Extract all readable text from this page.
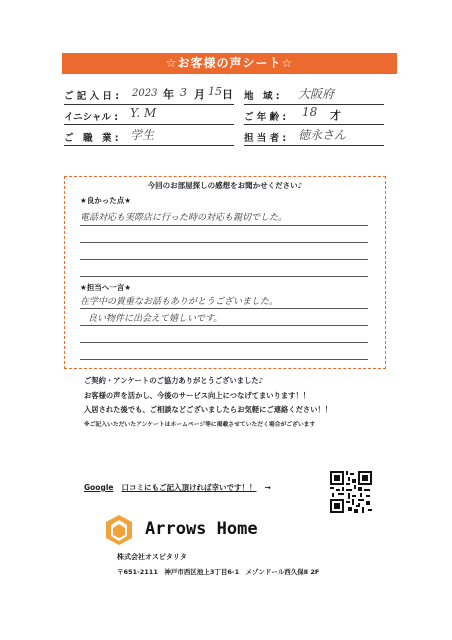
☆お客様の声シート☆
ご 記 入 日 : 2023 年 3 月 15 日 地　域 : 大阪府
イニシャル : Y. M	ご 年 齢 : 18 才
ご　職　業 : 学生	担 当 者 : 徳永さん
今回のお部屋探しの感想をお聞かせください♪
★良かった点★
電話対応も実際店に行った時の対応も親切でした。
★担当へ一言★
在学中の貴重なお話もありがとうございました。
良い物件に出会えて嬉しいです。
ご契約・アンケートのご協力ありがとうございました♪
お客様の声を活かし、今後のサービス向上につなげてまいります！！
入居された後でも、ご相談などございましたらお気軽にご連絡ください！！
※ご記入いただいたアンケートはホームページ等に掲載させていただく場合がございます
Google 口コミにもご記入頂ければ幸いです！！ →
Arrows Home
株式会社オスピタリタ
〒651-2111　神戸市西区池上3丁目6-1　メゾンドール西久保Ⅱ 2F
